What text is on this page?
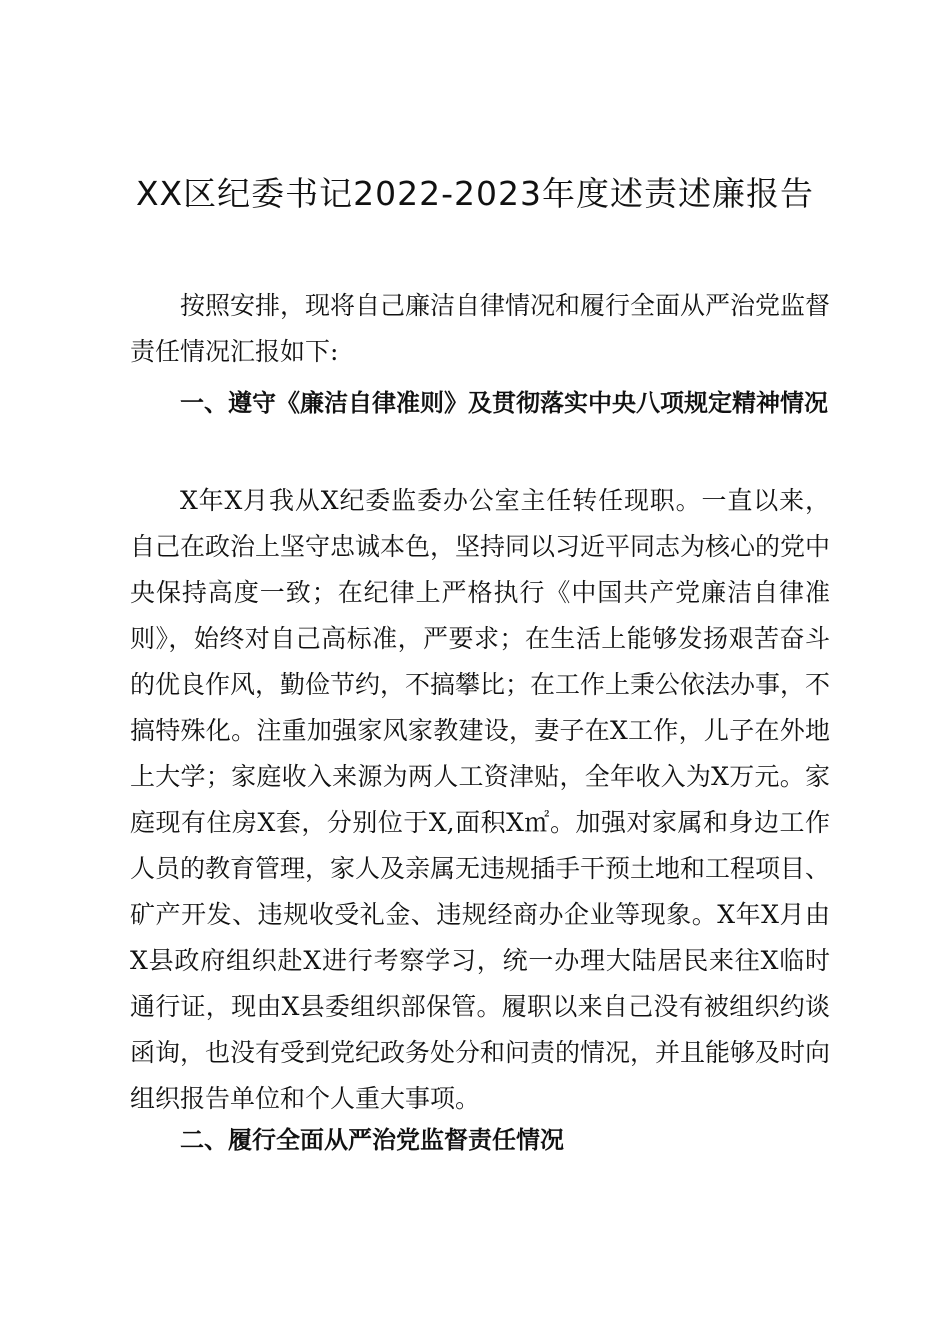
XX区纪委书记2022-2023年度述责述廉报告

按照安排，现将自己廉洁自律情况和履行全面从严治党监督责任情况汇报如下:

一、遵守《廉洁自律准则》及贯彻落实中央八项规定精神情况

X年X月我从X纪委监委办公室主任转任现职。一直以来，自己在政治上坚守忠诚本色，坚持同以习近平同志为核心的党中央保持高度一致；在纪律上严格执行《中国共产党廉洁自律准则》，始终对自己高标准，严要求；在生活上能够发扬艰苦奋斗的优良作风，勤俭节约，不搞攀比；在工作上秉公依法办事，不搞特殊化。注重加强家风家教建设，妻子在X工作，儿子在外地上大学；家庭收入来源为两人工资津贴，全年收入为X万元。家庭现有住房X套，分别位于X,面积X㎡。加强对家属和身边工作人员的教育管理，家人及亲属无违规插手干预土地和工程项目、矿产开发、违规收受礼金、违规经商办企业等现象。X年X月由X县政府组织赴X进行考察学习，统一办理大陆居民来往X临时通行证，现由X县委组织部保管。履职以来自己没有被组织约谈函询，也没有受到党纪政务处分和问责的情况，并且能够及时向组织报告单位和个人重大事项。

二、履行全面从严治党监督责任情况
